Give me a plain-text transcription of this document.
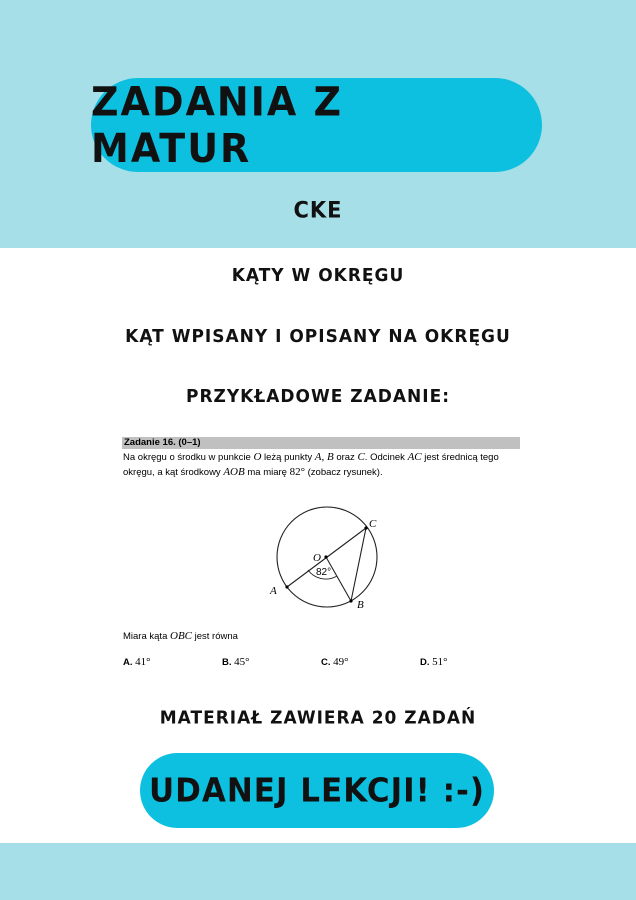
ZADANIA Z MATUR
CKE
KĄTY W OKRĘGU
KĄT WPISANY I OPISANY NA OKRĘGU
PRZYKŁADOWE ZADANIE:
Zadanie 16. (0–1)
Na okręgu o środku w punkcie O leżą punkty A, B oraz C. Odcinek AC jest średnicą tego
okręgu, a kąt środkowy AOB ma miarę 82° (zobacz rysunek).
O
A
B
C
82°
Miara kąta OBC jest równa
A. 41°	B. 45°	C. 49°	D. 51°
MATERIAŁ ZAWIERA 20 ZADAŃ
UDANEJ LEKCJI! :-)
